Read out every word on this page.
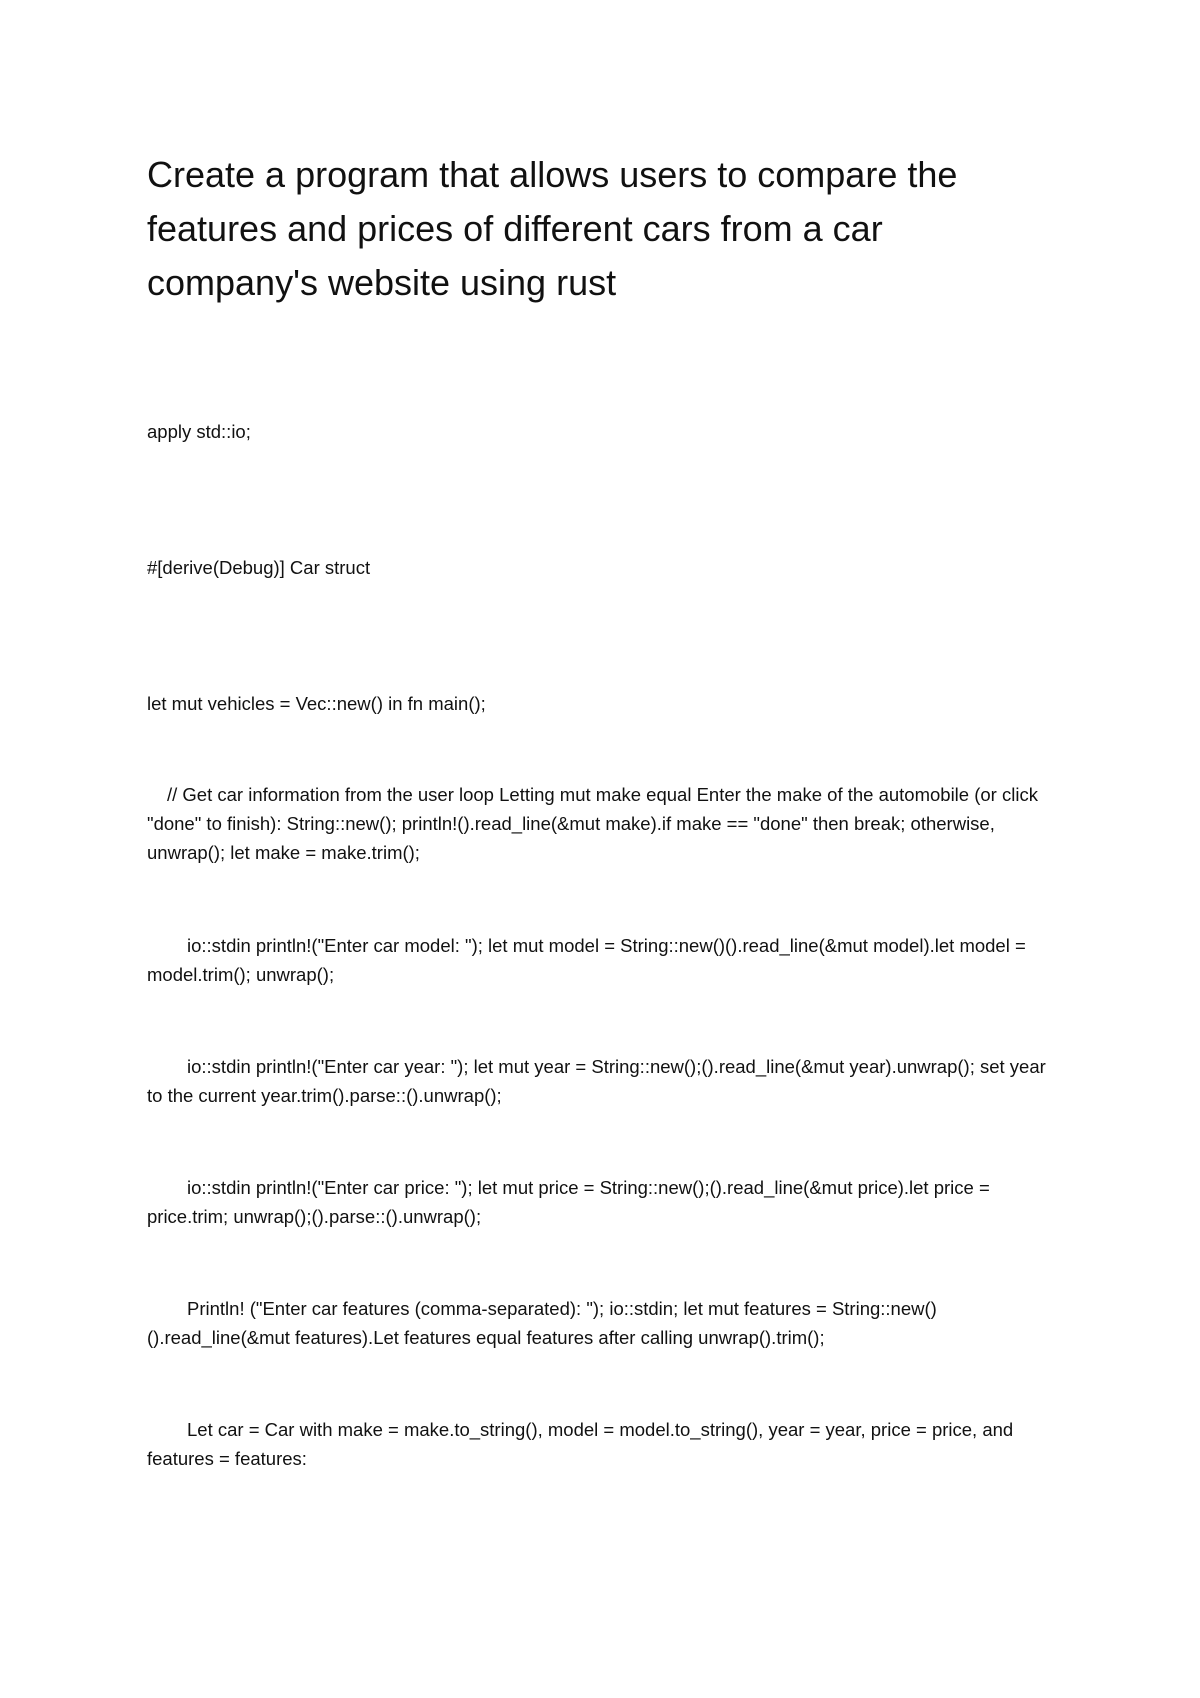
Create a program that allows users to compare the features and prices of different cars from a car company's website using rust

apply std::io;

#[derive(Debug)] Car struct

let mut vehicles = Vec::new() in fn main();

// Get car information from the user loop Letting mut make equal Enter the make of the automobile (or click "done" to finish): String::new(); println!().read_line(&mut make).if make == "done" then break; otherwise, unwrap(); let make = make.trim();

io::stdin println!("Enter car model: "); let mut model = String::new()().read_line(&mut model).let model = model.trim(); unwrap();

io::stdin println!("Enter car year: "); let mut year = String::new();().read_line(&mut year).unwrap(); set year to the current year.trim().parse::().unwrap();

io::stdin println!("Enter car price: "); let mut price = String::new();().read_line(&mut price).let price = price.trim; unwrap();().parse::().unwrap();

Println! ("Enter car features (comma-separated): "); io::stdin; let mut features = String::new()().read_line(&mut features).Let features equal features after calling unwrap().trim();

Let car = Car with make = make.to_string(), model = model.to_string(), year = year, price = price, and features = features:
